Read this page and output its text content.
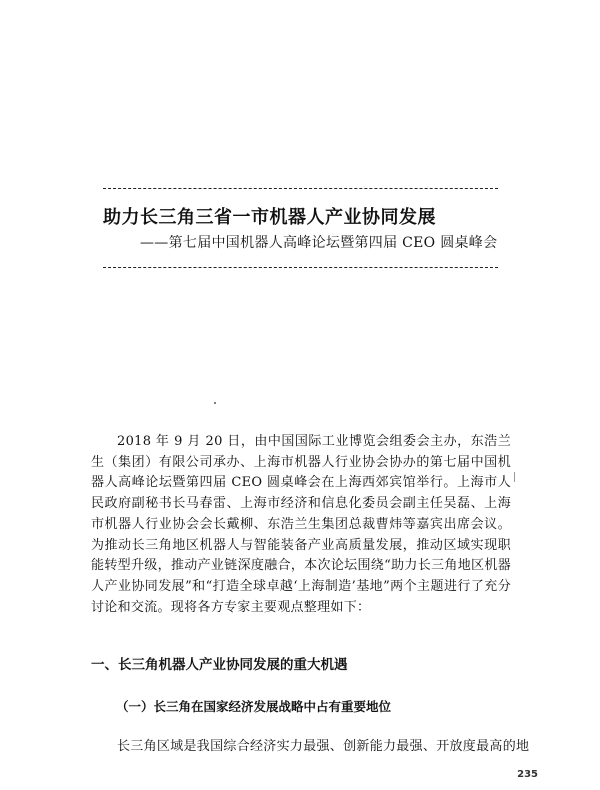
助力长三角三省一市机器人产业协同发展
——第七届中国机器人高峰论坛暨第四届 CEO 圆桌峰会
2018 年 9 月 20 日，由中国国际工业博览会组委会主办，东浩兰生（集团）有限公司承办、上海市机器人行业协会协办的第七届中国机器人高峰论坛暨第四届 CEO 圆桌峰会在上海西郊宾馆举行。上海市人民政府副秘书长马春雷、上海市经济和信息化委员会副主任吴磊、上海市机器人行业协会会长戴柳、东浩兰生集团总裁曹炜等嘉宾出席会议。为推动长三角地区机器人与智能装备产业高质量发展，推动区域实现职能转型升级，推动产业链深度融合，本次论坛围绕“助力长三角地区机器人产业协同发展”和“打造全球卓越‘上海制造’基地”两个主题进行了充分讨论和交流。现将各方专家主要观点整理如下：
一、长三角机器人产业协同发展的重大机遇
（一）长三角在国家经济发展战略中占有重要地位
长三角区域是我国综合经济实力最强、创新能力最强、开放度最高的地
235
